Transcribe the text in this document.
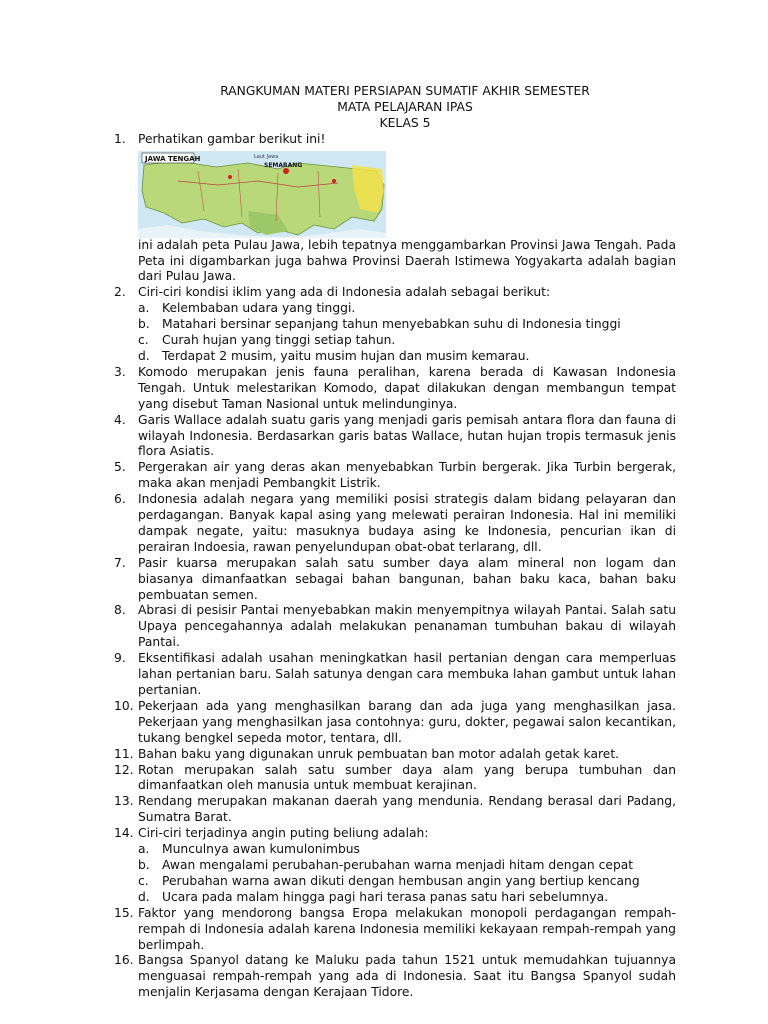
RANGKUMAN MATERI PERSIAPAN SUMATIF AKHIR SEMESTER
MATA PELAJARAN IPAS
KELAS 5
1. Perhatikan gambar berikut ini!
JAWA TENGAH
SEMARANG
Laut Jawa
ini adalah peta Pulau Jawa, lebih tepatnya menggambarkan Provinsi Jawa Tengah. Pada Peta ini digambarkan juga bahwa Provinsi Daerah Istimewa Yogyakarta adalah bagian dari Pulau Jawa.
2. Ciri-ciri kondisi iklim yang ada di Indonesia adalah sebagai berikut:
a. Kelembaban udara yang tinggi.
b. Matahari bersinar sepanjang tahun menyebabkan suhu di Indonesia tinggi
c. Curah hujan yang tinggi setiap tahun.
d. Terdapat 2 musim, yaitu musim hujan dan musim kemarau.
3. Komodo merupakan jenis fauna peralihan, karena berada di Kawasan Indonesia Tengah. Untuk melestarikan Komodo, dapat dilakukan dengan membangun tempat yang disebut Taman Nasional untuk melindunginya.
4. Garis Wallace adalah suatu garis yang menjadi garis pemisah antara flora dan fauna di wilayah Indonesia. Berdasarkan garis batas Wallace, hutan hujan tropis termasuk jenis flora Asiatis.
5. Pergerakan air yang deras akan menyebabkan Turbin bergerak. Jika Turbin bergerak, maka akan menjadi Pembangkit Listrik.
6. Indonesia adalah negara yang memiliki posisi strategis dalam bidang pelayaran dan perdagangan. Banyak kapal asing yang melewati perairan Indonesia. Hal ini memiliki dampak negate, yaitu: masuknya budaya asing ke Indonesia, pencurian ikan di perairan Indoesia, rawan penyelundupan obat-obat terlarang, dll.
7. Pasir kuarsa merupakan salah satu sumber daya alam mineral non logam dan biasanya dimanfaatkan sebagai bahan bangunan, bahan baku kaca, bahan baku pembuatan semen.
8. Abrasi di pesisir Pantai menyebabkan makin menyempitnya wilayah Pantai. Salah satu Upaya pencegahannya adalah melakukan penanaman tumbuhan bakau di wilayah Pantai.
9. Eksentifikasi adalah usahan meningkatkan hasil pertanian dengan cara memperluas lahan pertanian baru. Salah satunya dengan cara membuka lahan gambut untuk lahan pertanian.
10. Pekerjaan ada yang menghasilkan barang dan ada juga yang menghasilkan jasa. Pekerjaan yang menghasilkan jasa contohnya: guru, dokter, pegawai salon kecantikan, tukang bengkel sepeda motor, tentara, dll.
11. Bahan baku yang digunakan unruk pembuatan ban motor adalah getak karet.
12. Rotan merupakan salah satu sumber daya alam yang berupa tumbuhan dan dimanfaatkan oleh manusia untuk membuat kerajinan.
13. Rendang merupakan makanan daerah yang mendunia. Rendang berasal dari Padang, Sumatra Barat.
14. Ciri-ciri terjadinya angin puting beliung adalah:
a. Munculnya awan kumulonimbus
b. Awan mengalami perubahan-perubahan warna menjadi hitam dengan cepat
c. Perubahan warna awan dikuti dengan hembusan angin yang bertiup kencang
d. Ucara pada malam hingga pagi hari terasa panas satu hari sebelumnya.
15. Faktor yang mendorong bangsa Eropa melakukan monopoli perdagangan rempah-rempah di Indonesia adalah karena Indonesia memiliki kekayaan rempah-rempah yang berlimpah.
16. Bangsa Spanyol datang ke Maluku pada tahun 1521 untuk memudahkan tujuannya menguasai rempah-rempah yang ada di Indonesia. Saat itu Bangsa Spanyol sudah menjalin Kerjasama dengan Kerajaan Tidore.
